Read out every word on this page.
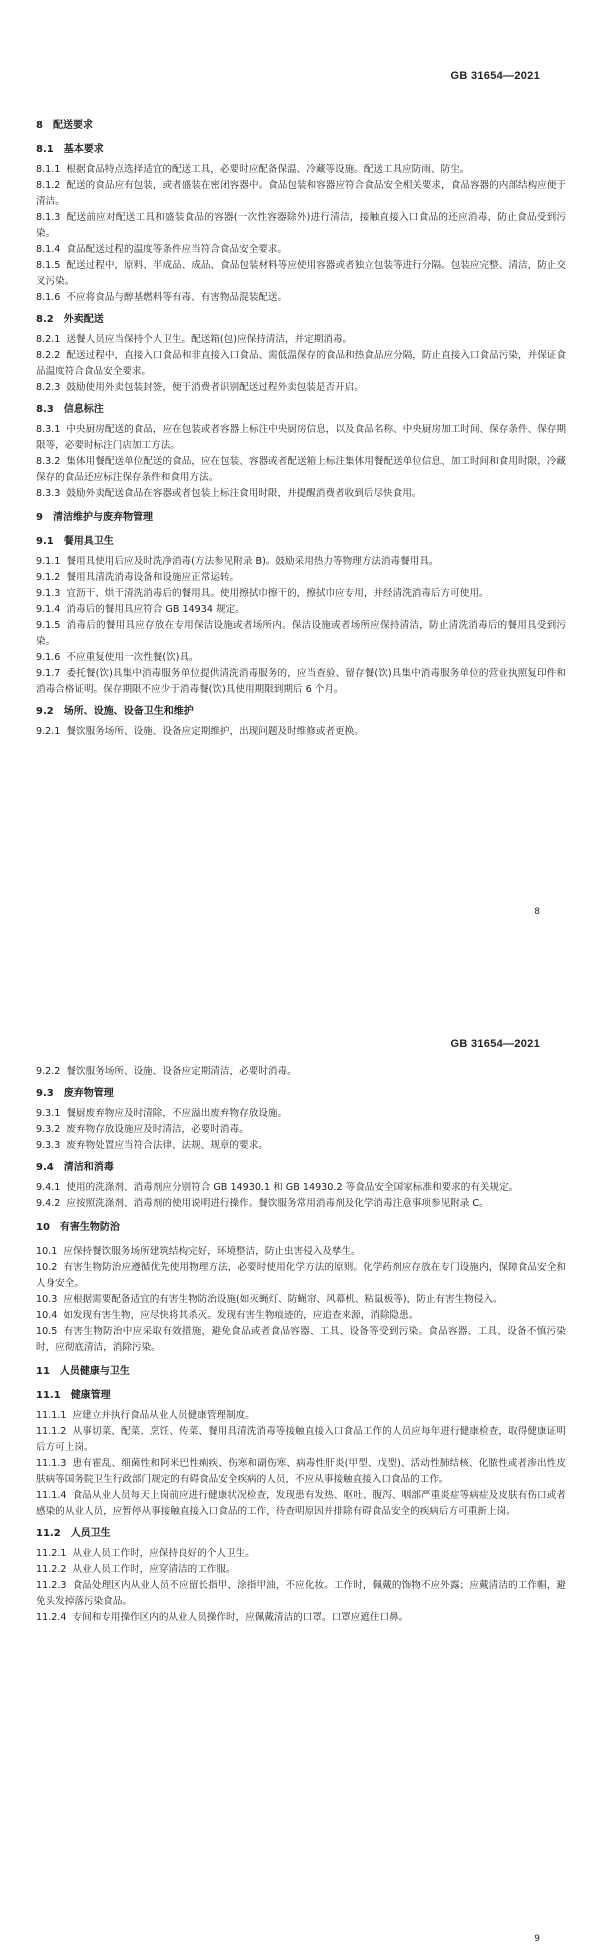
GB 31654—2021
8 配送要求
8.1 基本要求
8.1.1 根据食品特点选择适宜的配送工具，必要时应配备保温、冷藏等设施。配送工具应防雨、防尘。
8.1.2 配送的食品应有包装，或者盛装在密闭容器中。食品包装和容器应符合食品安全相关要求，食品容器的内部结构应便于清洁。
8.1.3 配送前应对配送工具和盛装食品的容器(一次性容器除外)进行清洁，接触直接入口食品的还应消毒，防止食品受到污染。
8.1.4 食品配送过程的温度等条件应当符合食品安全要求。
8.1.5 配送过程中，原料、半成品、成品、食品包装材料等应使用容器或者独立包装等进行分隔。包装应完整、清洁，防止交叉污染。
8.1.6 不应将食品与醇基燃料等有毒、有害物品混装配送。
8.2 外卖配送
8.2.1 送餐人员应当保持个人卫生。配送箱(包)应保持清洁，并定期消毒。
8.2.2 配送过程中，直接入口食品和非直接入口食品、需低温保存的食品和热食品应分隔，防止直接入口食品污染，并保证食品温度符合食品安全要求。
8.2.3 鼓励使用外卖包装封签，便于消费者识别配送过程外卖包装是否开启。
8.3 信息标注
8.3.1 中央厨房配送的食品，应在包装或者容器上标注中央厨房信息，以及食品名称、中央厨房加工时间、保存条件、保存期限等，必要时标注门店加工方法。
8.3.2 集体用餐配送单位配送的食品，应在包装、容器或者配送箱上标注集体用餐配送单位信息、加工时间和食用时限，冷藏保存的食品还应标注保存条件和食用方法。
8.3.3 鼓励外卖配送食品在容器或者包装上标注食用时限，并提醒消费者收到后尽快食用。
9 清洁维护与废弃物管理
9.1 餐用具卫生
9.1.1 餐用具使用后应及时洗净消毒(方法参见附录 B)。鼓励采用热力等物理方法消毒餐用具。
9.1.2 餐用具清洗消毒设备和设施应正常运转。
9.1.3 宜沥干、烘干清洗消毒后的餐用具。使用擦拭巾擦干的，擦拭巾应专用，并经清洗消毒后方可使用。
9.1.4 消毒后的餐用具应符合 GB 14934 规定。
9.1.5 消毒后的餐用具应存放在专用保洁设施或者场所内。保洁设施或者场所应保持清洁，防止清洗消毒后的餐用具受到污染。
9.1.6 不应重复使用一次性餐(饮)具。
9.1.7 委托餐(饮)具集中消毒服务单位提供清洗消毒服务的，应当查验、留存餐(饮)具集中消毒服务单位的营业执照复印件和消毒合格证明。保存期限不应少于消毒餐(饮)具使用期限到期后 6 个月。
9.2 场所、设施、设备卫生和维护
9.2.1 餐饮服务场所、设施、设备应定期维护，出现问题及时维修或者更换。
8
GB 31654—2021
9.2.2 餐饮服务场所、设施、设备应定期清洁，必要时消毒。
9.3 废弃物管理
9.3.1 餐厨废弃物应及时清除，不应溢出废弃物存放设施。
9.3.2 废弃物存放设施应及时清洁，必要时消毒。
9.3.3 废弃物处置应当符合法律、法规、规章的要求。
9.4 清洁和消毒
9.4.1 使用的洗涤剂、消毒剂应分别符合 GB 14930.1 和 GB 14930.2 等食品安全国家标准和要求的有关规定。
9.4.2 应按照洗涤剂、消毒剂的使用说明进行操作。餐饮服务常用消毒剂及化学消毒注意事项参见附录 C。
10 有害生物防治
10.1 应保持餐饮服务场所建筑结构完好，环境整洁，防止虫害侵入及孳生。
10.2 有害生物防治应遵循优先使用物理方法，必要时使用化学方法的原则。化学药剂应存放在专门设施内，保障食品安全和人身安全。
10.3 应根据需要配备适宜的有害生物防治设施(如灭蝇灯、防蝇帘、风幕机、粘鼠板等)，防止有害生物侵入。
10.4 如发现有害生物，应尽快将其杀灭。发现有害生物痕迹的，应追查来源，消除隐患。
10.5 有害生物防治中应采取有效措施，避免食品或者食品容器、工具、设备等受到污染。食品容器、工具、设备不慎污染时，应彻底清洁，消除污染。
11 人员健康与卫生
11.1 健康管理
11.1.1 应建立并执行食品从业人员健康管理制度。
11.1.2 从事切菜、配菜、烹饪、传菜、餐用具清洗消毒等接触直接入口食品工作的人员应每年进行健康检查，取得健康证明后方可上岗。
11.1.3 患有霍乱、细菌性和阿米巴性痢疾、伤寒和副伤寒、病毒性肝炎(甲型、戊型)、活动性肺结核、化脓性或者渗出性皮肤病等国务院卫生行政部门规定的有碍食品安全疾病的人员，不应从事接触直接入口食品的工作。
11.1.4 食品从业人员每天上岗前应进行健康状况检查，发现患有发热、呕吐、腹泻、咽部严重炎症等病症及皮肤有伤口或者感染的从业人员，应暂停从事接触直接入口食品的工作，待查明原因并排除有碍食品安全的疾病后方可重新上岗。
11.2 人员卫生
11.2.1 从业人员工作时，应保持良好的个人卫生。
11.2.2 从业人员工作时，应穿清洁的工作服。
11.2.3 食品处理区内从业人员不应留长指甲、涂指甲油，不应化妆。工作时，佩戴的饰物不应外露；应戴清洁的工作帽，避免头发掉落污染食品。
11.2.4 专间和专用操作区内的从业人员操作时，应佩戴清洁的口罩。口罩应遮住口鼻。
9
